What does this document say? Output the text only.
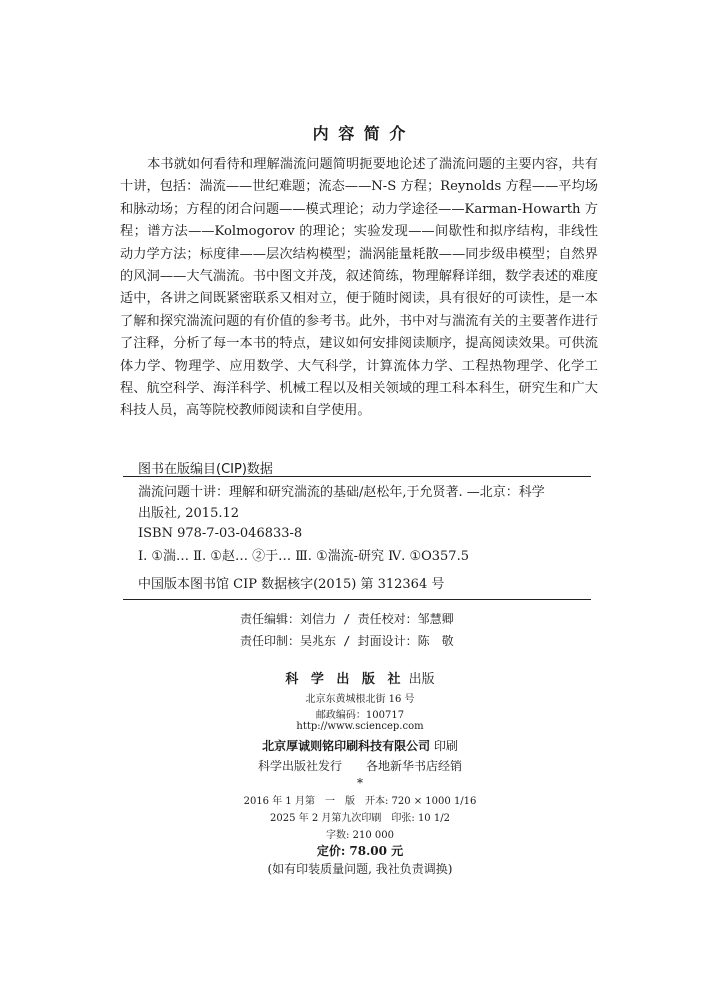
内 容 简 介

本书就如何看待和理解湍流问题简明扼要地论述了湍流问题的主要内容，共有十讲，包括：湍流——世纪难题；流态——N-S 方程；Reynolds 方程——平均场和脉动场；方程的闭合问题——模式理论；动力学途径——Karman-Howarth 方程；谱方法——Kolmogorov 的理论；实验发现——间歇性和拟序结构，非线性动力学方法；标度律——层次结构模型；湍涡能量耗散——同步级串模型；自然界的风洞——大气湍流。书中图文并茂，叙述简练，物理解释详细，数学表述的难度适中，各讲之间既紧密联系又相对立，便于随时阅读，具有很好的可读性，是一本了解和探究湍流问题的有价值的参考书。此外，书中对与湍流有关的主要著作进行了注释，分析了每一本书的特点，建议如何安排阅读顺序，提高阅读效果。可供流体力学、物理学、应用数学、大气科学，计算流体力学、工程热物理学、化学工程、航空科学、海洋科学、机械工程以及相关领域的理工科本科生，研究生和广大科技人员，高等院校教师阅读和自学使用。

图书在版编目(CIP)数据
湍流问题十讲：理解和研究湍流的基础/赵松年,于允贤著. —北京：科学
出版社, 2015.12
ISBN 978-7-03-046833-8
Ⅰ. ①湍… Ⅱ. ①赵… ②于… Ⅲ. ①湍流-研究 Ⅳ. ①O357.5
中国版本图书馆 CIP 数据核字(2015) 第 312364 号
责任编辑：刘信力 / 责任校对：邹慧卿
责任印制：吴兆东 / 封面设计：陈　敬
科 学 出 版 社 出版
北京东黄城根北街 16 号
邮政编码：100717
http://www.sciencep.com
北京厚诚则铭印刷科技有限公司 印刷
科学出版社发行　　各地新华书店经销
*
2016 年 1 月第　一　版　开本: 720 × 1000 1/16
2025 年 2 月第九次印刷　印张: 10 1/2
字数: 210 000
定价: 78.00 元
(如有印装质量问题, 我社负责调换)
